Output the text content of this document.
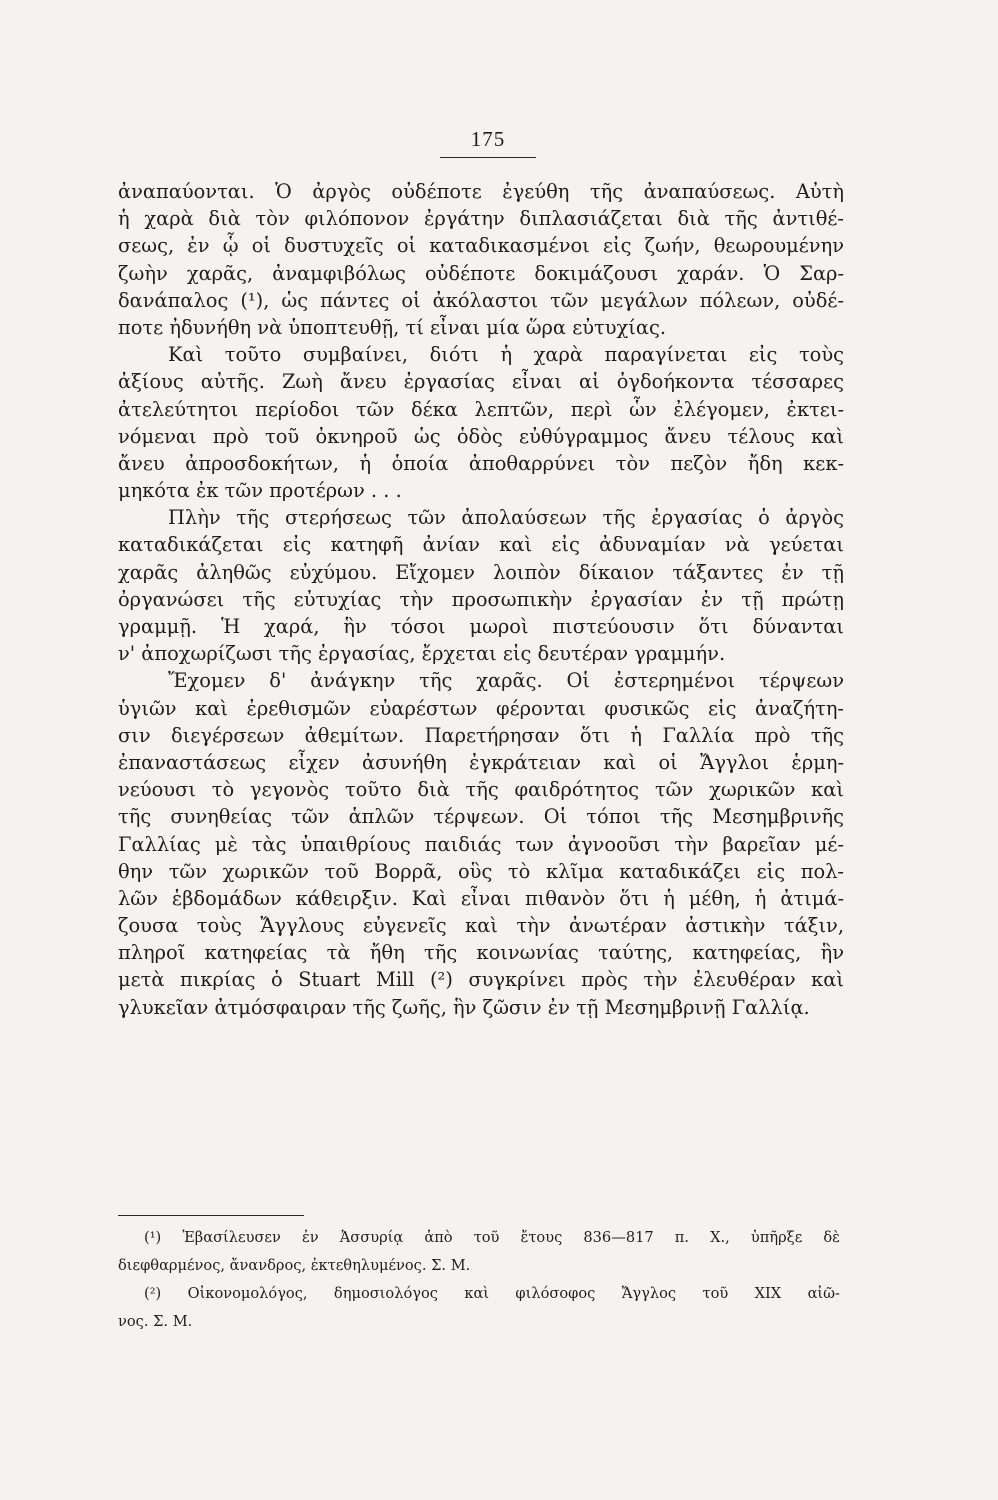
175
ἀναπαύονται. Ὁ ἀργὸς οὐδέποτε ἐγεύθη τῆς ἀναπαύσεως. Αὐτὴ
ἡ χαρὰ διὰ τὸν φιλόπονον ἐργάτην διπλασιάζεται διὰ τῆς ἀντιθέ-
σεως, ἐν ᾧ οἱ δυστυχεῖς οἱ καταδικασμένοι εἰς ζωήν, θεωρουμένην
ζωὴν χαρᾶς, ἀναμφιβόλως οὐδέποτε δοκιμάζουσι χαράν. Ὁ Σαρ-
δανάπαλος (¹), ὡς πάντες οἱ ἀκόλαστοι τῶν μεγάλων πόλεων, οὐδέ-
ποτε ἠδυνήθη νὰ ὑποπτευθῇ, τί εἶναι μία ὥρα εὐτυχίας.
Καὶ τοῦτο συμβαίνει, διότι ἡ χαρὰ παραγίνεται εἰς τοὺς
ἀξίους αὐτῆς. Ζωὴ ἄνευ ἐργασίας εἶναι αἱ ὀγδοήκοντα τέσσαρες
ἀτελεύτητοι περίοδοι τῶν δέκα λεπτῶν, περὶ ὧν ἐλέγομεν, ἐκτει-
νόμεναι πρὸ τοῦ ὀκνηροῦ ὡς ὁδὸς εὐθύγραμμος ἄνευ τέλους καὶ
ἄνευ ἀπροσδοκήτων, ἡ ὁποία ἀποθαρρύνει τὸν πεζὸν ἤδη κεκ-
μηκότα ἐκ τῶν προτέρων . . .
Πλὴν τῆς στερήσεως τῶν ἀπολαύσεων τῆς ἐργασίας ὁ ἀργὸς
καταδικάζεται εἰς κατηφῆ ἀνίαν καὶ εἰς ἀδυναμίαν νὰ γεύεται
χαρᾶς ἀληθῶς εὐχύμου. Εἴχομεν λοιπὸν δίκαιον τάξαντες ἐν τῇ
ὀργανώσει τῆς εὐτυχίας τὴν προσωπικὴν ἐργασίαν ἐν τῇ πρώτῃ
γραμμῇ. Ἡ χαρά, ἣν τόσοι μωροὶ πιστεύουσιν ὅτι δύνανται
ν' ἀποχωρίζωσι τῆς ἐργασίας, ἔρχεται εἰς δευτέραν γραμμήν.
Ἔχομεν δ' ἀνάγκην τῆς χαρᾶς. Οἱ ἐστερημένοι τέρψεων
ὑγιῶν καὶ ἐρεθισμῶν εὐαρέστων φέρονται φυσικῶς εἰς ἀναζήτη-
σιν διεγέρσεων ἀθεμίτων. Παρετήρησαν ὅτι ἡ Γαλλία πρὸ τῆς
ἐπαναστάσεως εἶχεν ἀσυνήθη ἐγκράτειαν καὶ οἱ Ἄγγλοι ἑρμη-
νεύουσι τὸ γεγονὸς τοῦτο διὰ τῆς φαιδρότητος τῶν χωρικῶν καὶ
τῆς συνηθείας τῶν ἁπλῶν τέρψεων. Οἱ τόποι τῆς Μεσημβρινῆς
Γαλλίας μὲ τὰς ὑπαιθρίους παιδιάς των ἀγνοοῦσι τὴν βαρεῖαν μέ-
θην τῶν χωρικῶν τοῦ Βορρᾶ, οὓς τὸ κλῖμα καταδικάζει εἰς πολ-
λῶν ἑβδομάδων κάθειρξιν. Καὶ εἶναι πιθανὸν ὅτι ἡ μέθη, ἡ ἀτιμά-
ζουσα τοὺς Ἄγγλους εὐγενεῖς καὶ τὴν ἀνωτέραν ἀστικὴν τάξιν,
πληροῖ κατηφείας τὰ ἤθη τῆς κοινωνίας ταύτης, κατηφείας, ἣν
μετὰ πικρίας ὁ Stuart Mill (²) συγκρίνει πρὸς τὴν ἐλευθέραν καὶ
γλυκεῖαν ἀτμόσφαιραν τῆς ζωῆς, ἣν ζῶσιν ἐν τῇ Μεσημβρινῇ Γαλλίᾳ.
(¹) Ἐβασίλευσεν ἐν Ἀσσυρίᾳ ἀπὸ τοῦ ἔτους 836—817 π. Χ., ὑπῆρξε δὲ
διεφθαρμένος, ἄνανδρος, ἐκτεθηλυμένος. Σ. Μ.
(²) Οἰκονομολόγος, δημοσιολόγος καὶ φιλόσοφος Ἄγγλος τοῦ XIX αἰῶ-
νος. Σ. Μ.
